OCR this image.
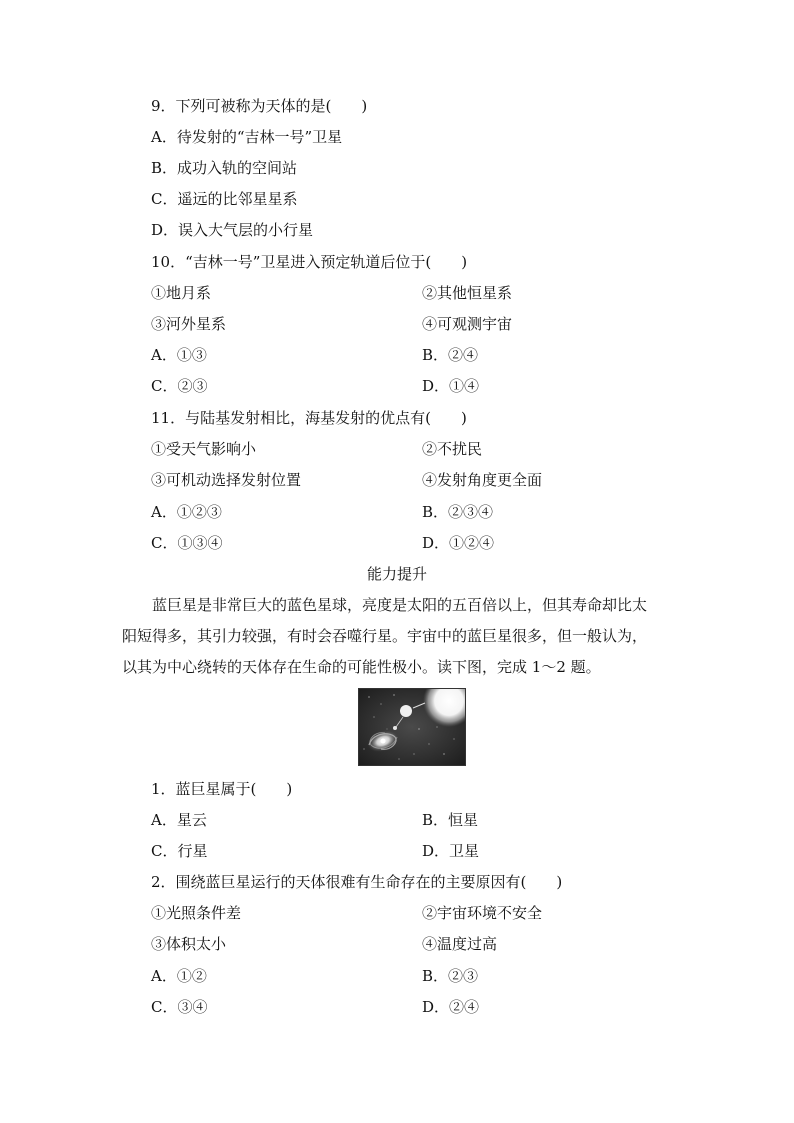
9．下列可被称为天体的是(　　)
A．待发射的“吉林一号”卫星
B．成功入轨的空间站
C．遥远的比邻星星系
D．误入大气层的小行星
10．“吉林一号”卫星进入预定轨道后位于(　　)
①地月系	②其他恒星系
③河外星系	④可观测宇宙
A．①③	B．②④
C．②③	D．①④
11．与陆基发射相比，海基发射的优点有(　　)
①受天气影响小	②不扰民
③可机动选择发射位置	④发射角度更全面
A．①②③	B．②③④
C．①③④	D．①②④
能力提升

蓝巨星是非常巨大的蓝色星球，亮度是太阳的五百倍以上，但其寿命却比太

阳短得多，其引力较强，有时会吞噬行星。宇宙中的蓝巨星很多，但一般认为，

以其为中心绕转的天体存在生命的可能性极小。读下图，完成 1～2 题。

1．蓝巨星属于(　　)
A．星云	B．恒星
C．行星	D．卫星
2．围绕蓝巨星运行的天体很难有生命存在的主要原因有(　　)
①光照条件差	②宇宙环境不安全
③体积太小	④温度过高
A．①②	B．②③
C．③④	D．②④
